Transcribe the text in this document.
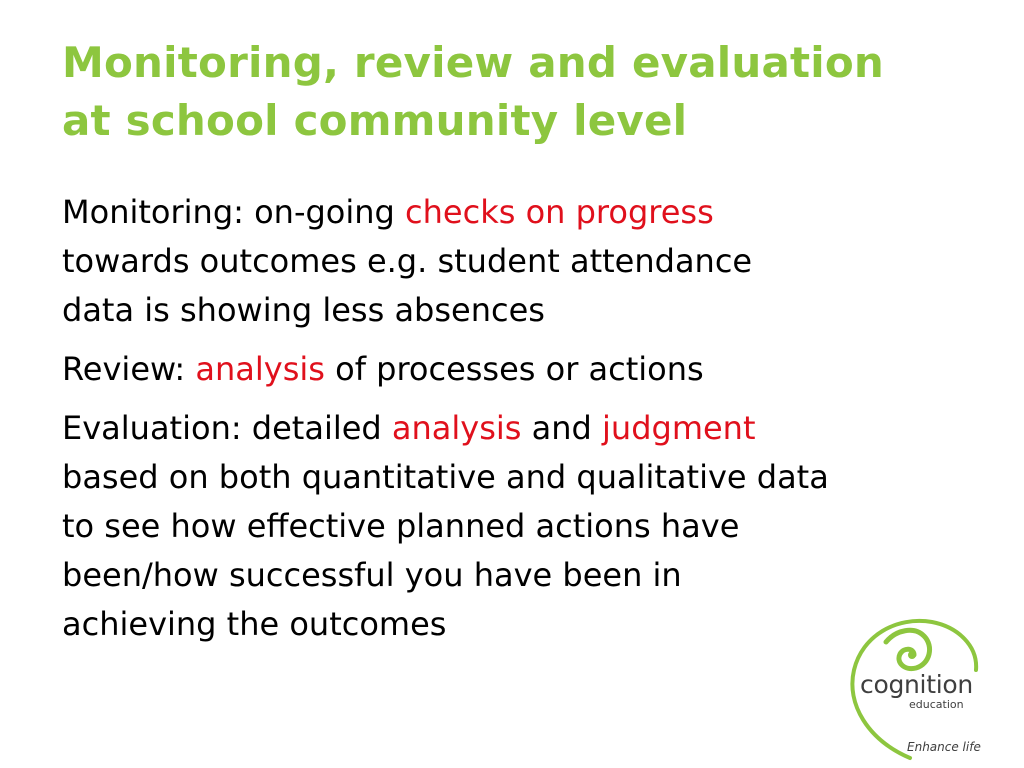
Monitoring, review and evaluation
at school community level

Monitoring: on-going checks on progress
towards outcomes e.g. student attendance
data is showing less absences

Review: analysis of processes or actions

Evaluation: detailed analysis and judgment
based on both quantitative and qualitative data
to see how effective planned actions have
been/how successful you have been in
achieving the outcomes

cognition
education
Enhance life
